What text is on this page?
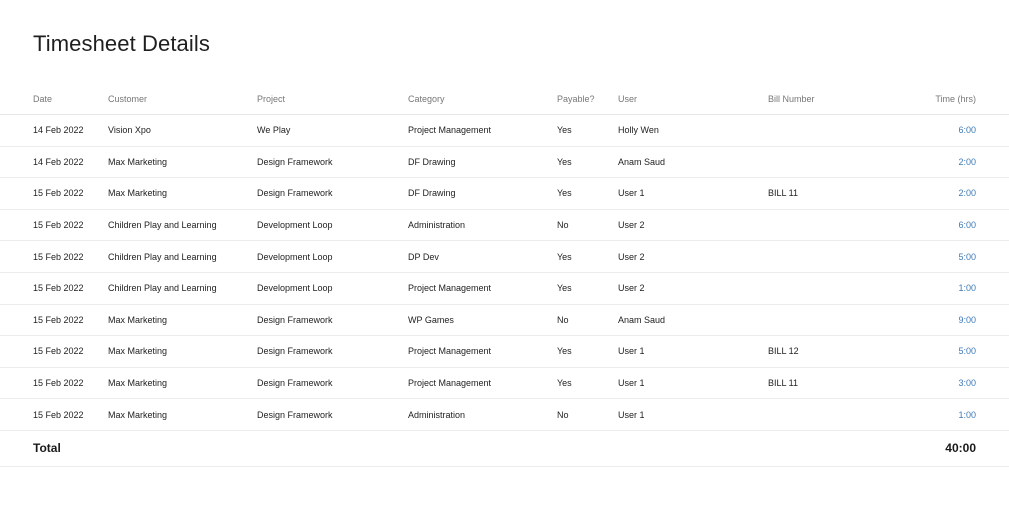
Timesheet Details
Date	Customer	Project	Category	Payable?	User	Bill Number	Time (hrs)
14 Feb 2022	Vision Xpo	We Play	Project Management	Yes	Holly Wen		6:00
14 Feb 2022	Max Marketing	Design Framework	DF Drawing	Yes	Anam Saud		2:00
15 Feb 2022	Max Marketing	Design Framework	DF Drawing	Yes	User 1	BILL 11	2:00
15 Feb 2022	Children Play and Learning	Development Loop	Administration	No	User 2		6:00
15 Feb 2022	Children Play and Learning	Development Loop	DP Dev	Yes	User 2		5:00
15 Feb 2022	Children Play and Learning	Development Loop	Project Management	Yes	User 2		1:00
15 Feb 2022	Max Marketing	Design Framework	WP Games	No	Anam Saud		9:00
15 Feb 2022	Max Marketing	Design Framework	Project Management	Yes	User 1	BILL 12	5:00
15 Feb 2022	Max Marketing	Design Framework	Project Management	Yes	User 1	BILL 11	3:00
15 Feb 2022	Max Marketing	Design Framework	Administration	No	User 1		1:00
Total							40:00
